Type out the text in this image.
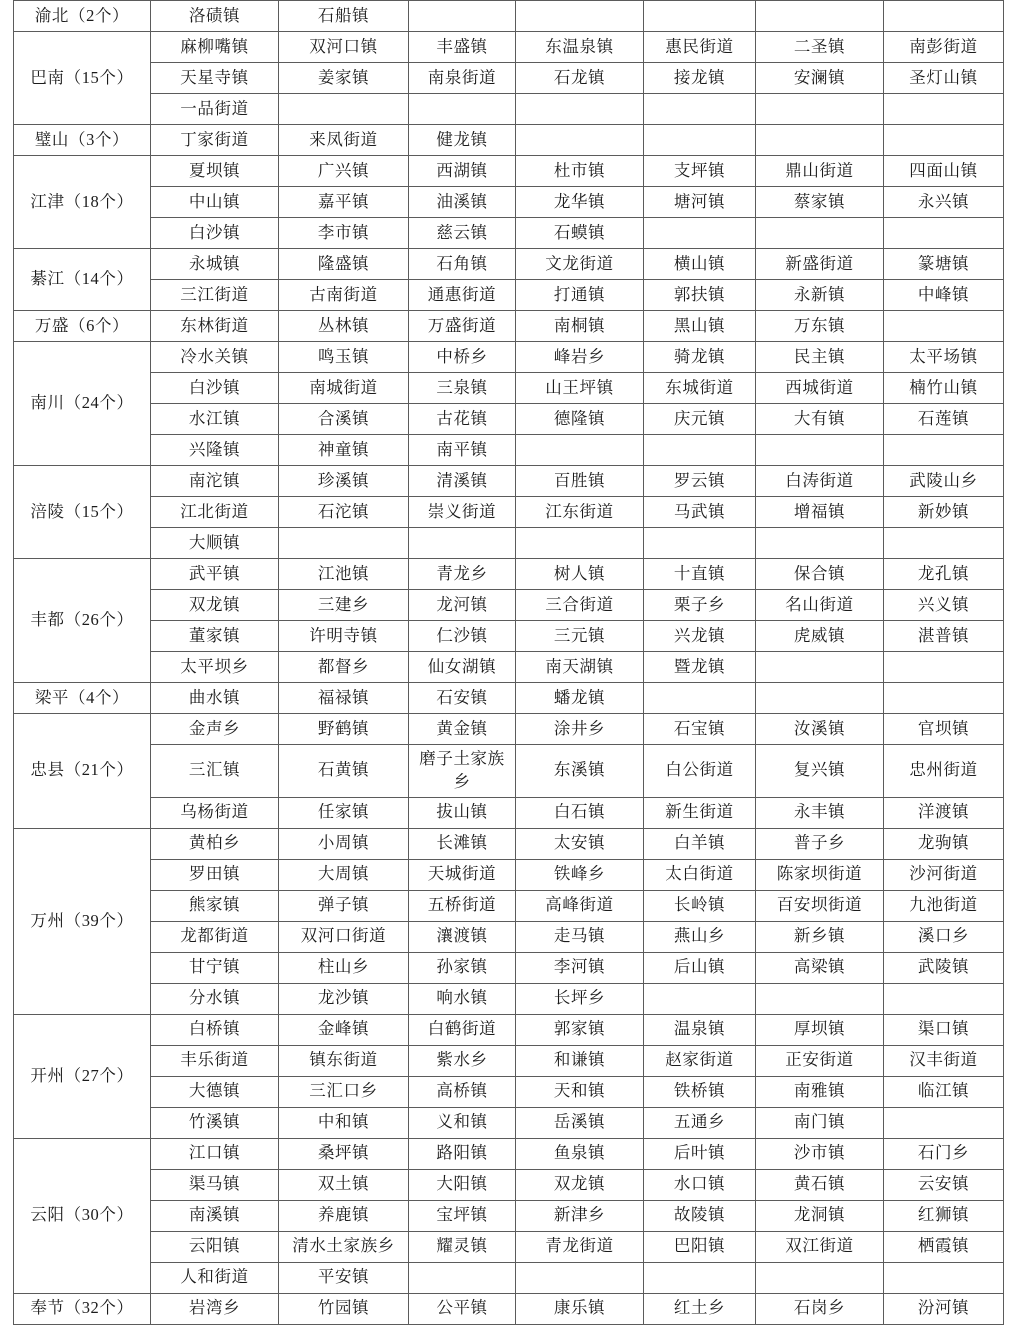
渝北（2个）	洛碛镇	石船镇					
巴南（15个）	麻柳嘴镇	双河口镇	丰盛镇	东温泉镇	惠民街道	二圣镇	南彭街道
	天星寺镇	姜家镇	南泉街道	石龙镇	接龙镇	安澜镇	圣灯山镇
	一品街道						
璧山（3个）	丁家街道	来凤街道	健龙镇				
江津（18个）	夏坝镇	广兴镇	西湖镇	杜市镇	支坪镇	鼎山街道	四面山镇
	中山镇	嘉平镇	油溪镇	龙华镇	塘河镇	蔡家镇	永兴镇
	白沙镇	李市镇	慈云镇	石蟆镇			
綦江（14个）	永城镇	隆盛镇	石角镇	文龙街道	横山镇	新盛街道	篆塘镇
	三江街道	古南街道	通惠街道	打通镇	郭扶镇	永新镇	中峰镇
万盛（6个）	东林街道	丛林镇	万盛街道	南桐镇	黑山镇	万东镇	
南川（24个）	冷水关镇	鸣玉镇	中桥乡	峰岩乡	骑龙镇	民主镇	太平场镇
	白沙镇	南城街道	三泉镇	山王坪镇	东城街道	西城街道	楠竹山镇
	水江镇	合溪镇	古花镇	德隆镇	庆元镇	大有镇	石莲镇
	兴隆镇	神童镇	南平镇				
涪陵（15个）	南沱镇	珍溪镇	清溪镇	百胜镇	罗云镇	白涛街道	武陵山乡
	江北街道	石沱镇	崇义街道	江东街道	马武镇	增福镇	新妙镇
	大顺镇						
丰都（26个）	武平镇	江池镇	青龙乡	树人镇	十直镇	保合镇	龙孔镇
	双龙镇	三建乡	龙河镇	三合街道	栗子乡	名山街道	兴义镇
	董家镇	许明寺镇	仁沙镇	三元镇	兴龙镇	虎威镇	湛普镇
	太平坝乡	都督乡	仙女湖镇	南天湖镇	暨龙镇		
梁平（4个）	曲水镇	福禄镇	石安镇	蟠龙镇			
忠县（21个）	金声乡	野鹤镇	黄金镇	涂井乡	石宝镇	汝溪镇	官坝镇
	三汇镇	石黄镇	磨子土家族乡	东溪镇	白公街道	复兴镇	忠州街道
	乌杨街道	任家镇	拔山镇	白石镇	新生街道	永丰镇	洋渡镇
万州（39个）	黄柏乡	小周镇	长滩镇	太安镇	白羊镇	普子乡	龙驹镇
	罗田镇	大周镇	天城街道	铁峰乡	太白街道	陈家坝街道	沙河街道
	熊家镇	弹子镇	五桥街道	高峰街道	长岭镇	百安坝街道	九池街道
	龙都街道	双河口街道	瀼渡镇	走马镇	燕山乡	新乡镇	溪口乡
	甘宁镇	柱山乡	孙家镇	李河镇	后山镇	高梁镇	武陵镇
	分水镇	龙沙镇	响水镇	长坪乡			
开州（27个）	白桥镇	金峰镇	白鹤街道	郭家镇	温泉镇	厚坝镇	渠口镇
	丰乐街道	镇东街道	紫水乡	和谦镇	赵家街道	正安街道	汉丰街道
	大德镇	三汇口乡	高桥镇	天和镇	铁桥镇	南雅镇	临江镇
	竹溪镇	中和镇	义和镇	岳溪镇	五通乡	南门镇	
云阳（30个）	江口镇	桑坪镇	路阳镇	鱼泉镇	后叶镇	沙市镇	石门乡
	渠马镇	双土镇	大阳镇	双龙镇	水口镇	黄石镇	云安镇
	南溪镇	养鹿镇	宝坪镇	新津乡	故陵镇	龙洞镇	红狮镇
	云阳镇	清水土家族乡	耀灵镇	青龙街道	巴阳镇	双江街道	栖霞镇
	人和街道	平安镇					
奉节（32个）	岩湾乡	竹园镇	公平镇	康乐镇	红土乡	石岗乡	汾河镇
